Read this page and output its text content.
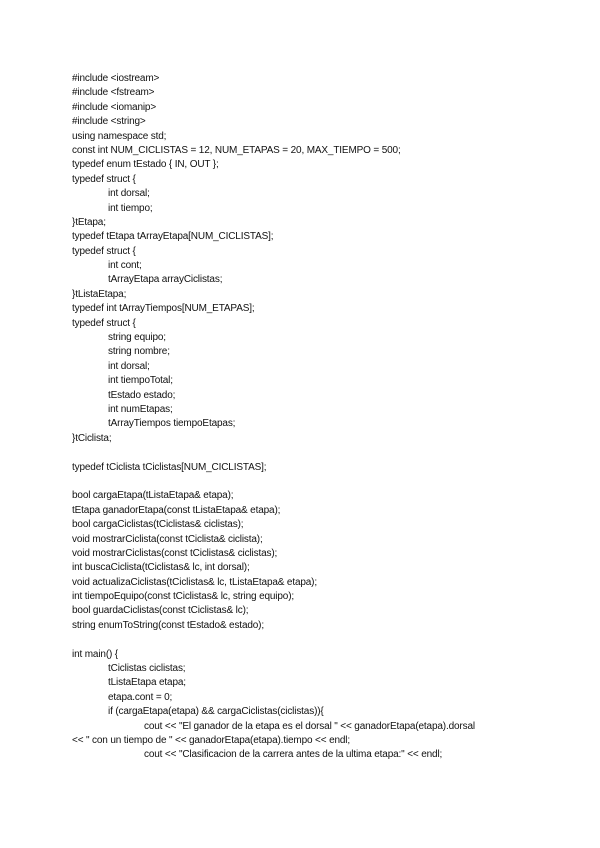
#include <iostream>
#include <fstream>
#include <iomanip>
#include <string>
using namespace std;
const int NUM_CICLISTAS = 12, NUM_ETAPAS = 20, MAX_TIEMPO = 500;
typedef enum tEstado { IN, OUT };
typedef struct {
int dorsal;
int tiempo;
}tEtapa;
typedef tEtapa tArrayEtapa[NUM_CICLISTAS];
typedef struct {
int cont;
tArrayEtapa arrayCiclistas;
}tListaEtapa;
typedef int tArrayTiempos[NUM_ETAPAS];
typedef struct {
string equipo;
string nombre;
int dorsal;
int tiempoTotal;
tEstado estado;
int numEtapas;
tArrayTiempos tiempoEtapas;
}tCiclista;
typedef tCiclista tCiclistas[NUM_CICLISTAS];
bool cargaEtapa(tListaEtapa& etapa);
tEtapa ganadorEtapa(const tListaEtapa& etapa);
bool cargaCiclistas(tCiclistas& ciclistas);
void mostrarCiclista(const tCiclista& ciclista);
void mostrarCiclistas(const tCiclistas& ciclistas);
int buscaCiclista(tCiclistas& lc, int dorsal);
void actualizaCiclistas(tCiclistas& lc, tListaEtapa& etapa);
int tiempoEquipo(const tCiclistas& lc, string equipo);
bool guardaCiclistas(const tCiclistas& lc);
string enumToString(const tEstado& estado);
int main() {
tCiclistas ciclistas;
tListaEtapa etapa;
etapa.cont = 0;
if (cargaEtapa(etapa) && cargaCiclistas(ciclistas)){
cout << "El ganador de la etapa es el dorsal " << ganadorEtapa(etapa).dorsal
<< " con un tiempo de " << ganadorEtapa(etapa).tiempo << endl;
cout << "Clasificacion de la carrera antes de la ultima etapa:" << endl;
